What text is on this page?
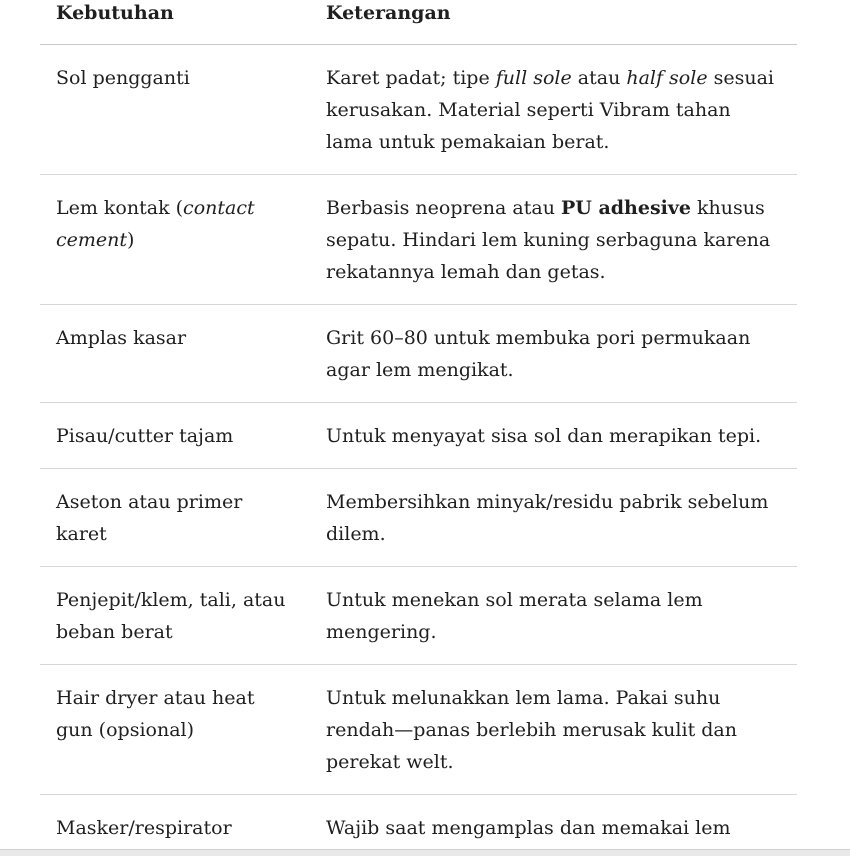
Kebutuhan	Keterangan
Sol pengganti	Karet padat; tipe full sole atau half sole sesuai kerusakan. Material seperti Vibram tahan lama untuk pemakaian berat.
Lem kontak (contact cement)	Berbasis neoprena atau PU adhesive khusus sepatu. Hindari lem kuning serbaguna karena rekatannya lemah dan getas.
Amplas kasar	Grit 60–80 untuk membuka pori permukaan agar lem mengikat.
Pisau/cutter tajam	Untuk menyayat sisa sol dan merapikan tepi.
Aseton atau primer karet	Membersihkan minyak/residu pabrik sebelum dilem.
Penjepit/klem, tali, atau beban berat	Untuk menekan sol merata selama lem mengering.
Hair dryer atau heat gun (opsional)	Untuk melunakkan lem lama. Pakai suhu rendah—panas berlebih merusak kulit dan perekat welt.
Masker/respirator	Wajib saat mengamplas dan memakai lem
